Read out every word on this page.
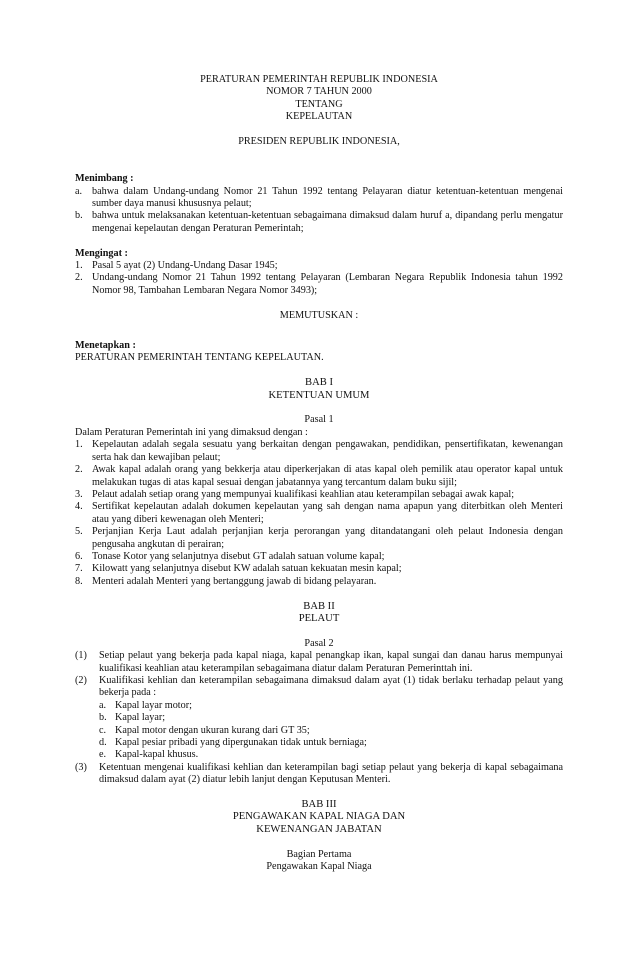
PERATURAN PEMERINTAH REPUBLIK INDONESIA
NOMOR 7 TAHUN 2000
TENTANG
KEPELAUTAN
PRESIDEN REPUBLIK INDONESIA,
Menimbang :
a. bahwa dalam Undang-undang Nomor 21 Tahun 1992 tentang Pelayaran diatur ketentuan-ketentuan mengenai sumber daya manusi khususnya pelaut;
b. bahwa untuk melaksanakan ketentuan-ketentuan sebagaimana dimaksud dalam huruf a, dipandang perlu mengatur mengenai kepelautan dengan Peraturan Pemerintah;
Mengingat :
1. Pasal 5 ayat (2) Undang-Undang Dasar 1945;
2. Undang-undang Nomor 21 Tahun 1992 tentang Pelayaran (Lembaran Negara Republik Indonesia tahun 1992 Nomor 98, Tambahan Lembaran Negara Nomor 3493);
MEMUTUSKAN :
Menetapkan :
PERATURAN PEMERINTAH TENTANG KEPELAUTAN.
BAB I
KETENTUAN UMUM
Pasal 1
Dalam Peraturan Pemerintah ini yang dimaksud dengan :
1. Kepelautan adalah segala sesuatu yang berkaitan dengan pengawakan, pendidikan, pensertifikatan, kewenangan serta hak dan kewajiban pelaut;
2. Awak kapal adalah orang yang bekkerja atau diperkerjakan di atas kapal oleh pemilik atau operator kapal untuk melakukan tugas di atas kapal sesuai dengan jabatannya yang tercantum dalam buku sijil;
3. Pelaut adalah setiap orang yang mempunyai kualifikasi keahlian atau keterampilan sebagai awak kapal;
4. Sertifikat kepelautan adalah dokumen kepelautan yang sah dengan nama apapun yang diterbitkan oleh Menteri atau yang diberi kewenagan oleh Menteri;
5. Perjanjian Kerja Laut adalah perjanjian kerja perorangan yang ditandatangani oleh pelaut Indonesia dengan pengusaha angkutan di perairan;
6. Tonase Kotor yang selanjutnya disebut GT adalah satuan volume kapal;
7. Kilowatt yang selanjutnya disebut KW adalah satuan kekuatan mesin kapal;
8. Menteri adalah Menteri yang bertanggung jawab di bidang pelayaran.
BAB II
PELAUT
Pasal 2
(1) Setiap pelaut yang bekerja pada kapal niaga, kapal penangkap ikan, kapal sungai dan danau harus mempunyai kualifikasi keahlian atau keterampilan sebagaimana diatur dalam Peraturan Pemerinttah ini.
(2) Kualifikasi kehlian dan keterampilan sebagaimana dimaksud dalam ayat (1) tidak berlaku terhadap pelaut yang bekerja pada :
a. Kapal layar motor;
b. Kapal layar;
c. Kapal motor dengan ukuran kurang dari GT 35;
d. Kapal pesiar pribadi yang dipergunakan tidak untuk berniaga;
e. Kapal-kapal khusus.
(3) Ketentuan mengenai kualifikasi kehlian dan keterampilan bagi setiap pelaut yang bekerja di kapal sebagaimana dimaksud dalam ayat (2) diatur lebih lanjut dengan Keputusan Menteri.
BAB III
PENGAWAKAN KAPAL NIAGA DAN
KEWENANGAN JABATAN
Bagian Pertama
Pengawakan Kapal Niaga
